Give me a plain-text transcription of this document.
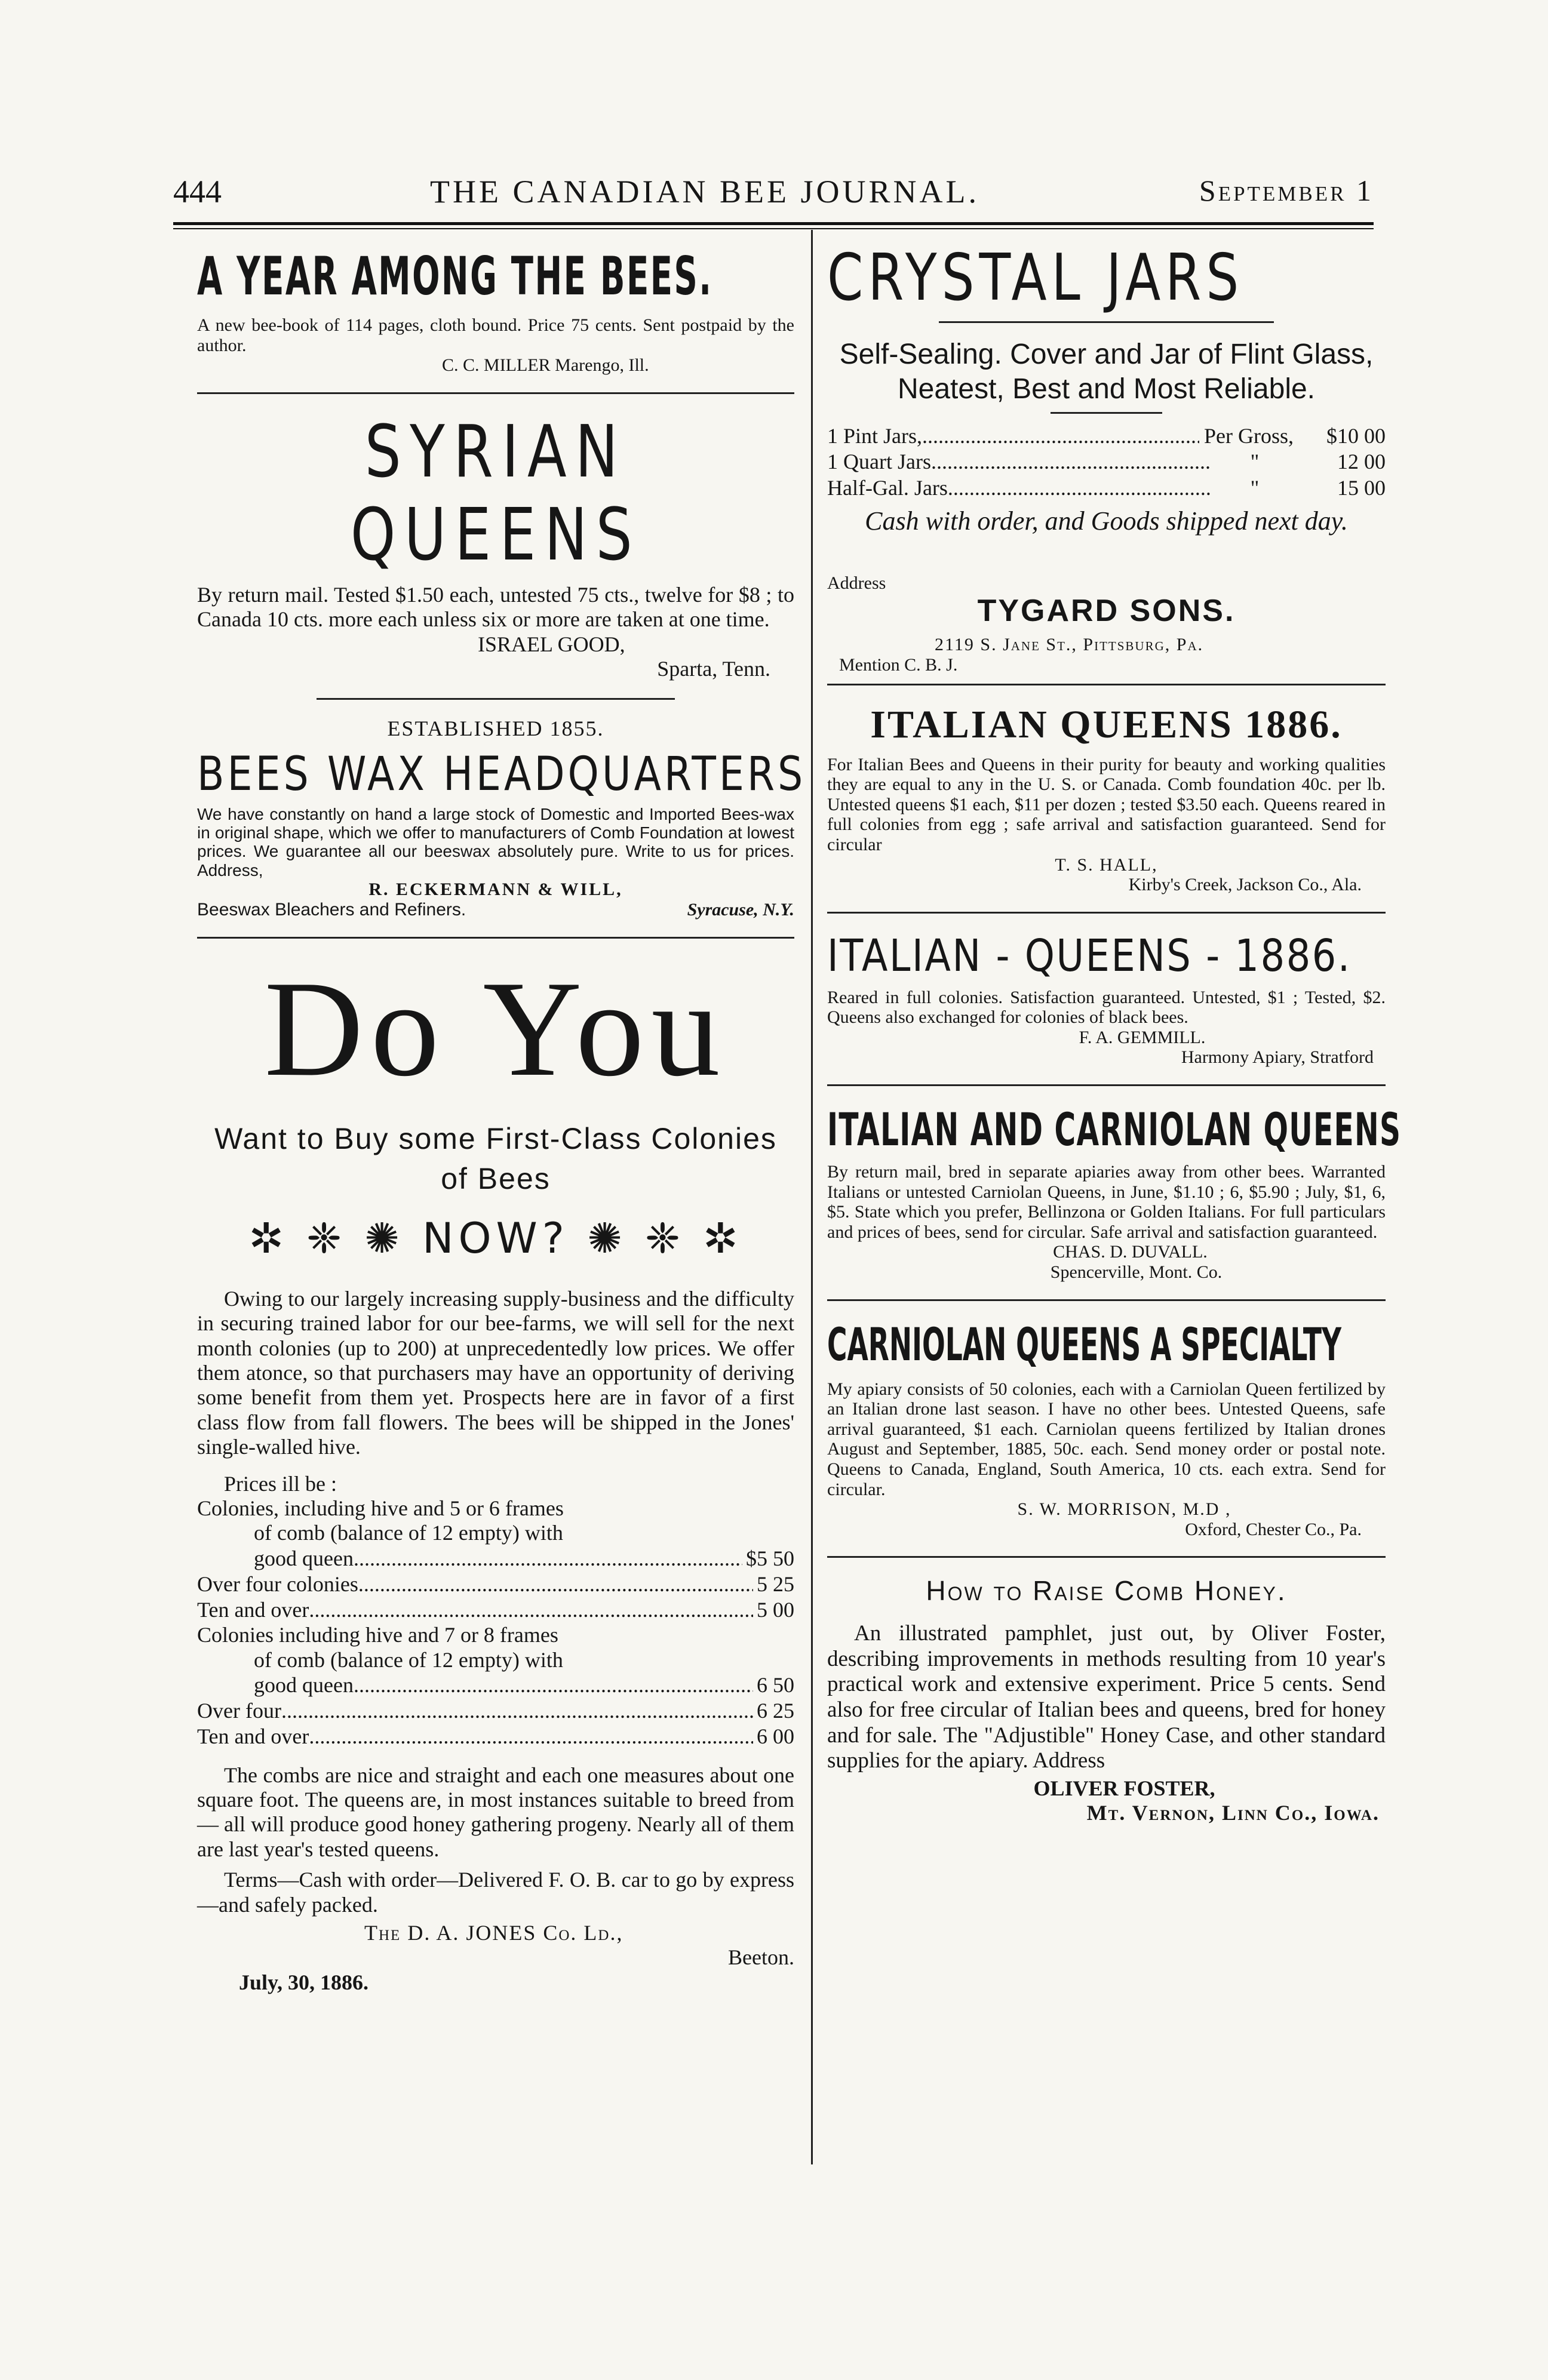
444	THE CANADIAN BEE JOURNAL.	September 1
A YEAR AMONG THE BEES.
A new bee-book of 114 pages, cloth bound. Price 75 cents. Sent postpaid by the author.
C. C. MILLER Marengo, Ill.
SYRIAN QUEENS
By return mail. Tested $1.50 each, untested 75 cts., twelve for $8 ; to Canada 10 cts. more each unless six or more are taken at one time.
ISRAEL GOOD,
Sparta, Tenn.
ESTABLISHED 1855.
BEES WAX HEADQUARTERS
We have constantly on hand a large stock of Domestic and Imported Bees-wax in original shape, which we offer to manufacturers of Comb Foundation at lowest prices. We guarantee all our beeswax absolutely pure. Write to us for prices. Address,
R. ECKERMANN & WILL,
Beeswax Bleachers and Refiners.	Syracuse, N.Y.
Do You
Want to Buy some First-Class Colonies of Bees
✲ ❈ ✺ NOW? ✺ ❈ ✲
Owing to our largely increasing supply-business and the difficulty in securing trained labor for our bee-farms, we will sell for the next month colonies (up to 200) at unprecedentedly low prices. We offer them atonce, so that purchasers may have an opportunity of deriving some benefit from them yet. Prospects here are in favor of a first class flow from fall flowers. The bees will be shipped in the Jones' single-walled hive.
Prices ill be :
Colonies, including hive and 5 or 6 frames
of comb (balance of 12 empty) with
good queen .....	$5 50
Over four colonies .....	5 25
Ten and over .....	5 00
Colonies including hive and 7 or 8 frames
of comb (balance of 12 empty) with
good queen .....	6 50
Over four .....	6 25
Ten and over .....	6 00
The combs are nice and straight and each one measures about one square foot. The queens are, in most instances suitable to breed from— all will produce good honey gathering progeny. Nearly all of them are last year's tested queens.
Terms—Cash with order—Delivered F. O. B. car to go by express—and safely packed.
The D. A. JONES Co. Ld.,
Beeton.
July, 30, 1886.
CRYSTAL JARS
Self-Sealing. Cover and Jar of Flint Glass, Neatest, Best and Most Reliable.
1 Pint Jars, .....	Per Gross,	$10 00
1 Quart Jars .....	"	12 00
Half-Gal. Jars .....	"	15 00
Cash with order, and Goods shipped next day.
Address
TYGARD SONS.
2119 S. Jane St., Pittsburg, Pa.
Mention C. B. J.
ITALIAN QUEENS 1886.
For Italian Bees and Queens in their purity for beauty and working qualities they are equal to any in the U. S. or Canada. Comb foundation 40c. per lb. Untested queens $1 each, $11 per dozen ; tested $3.50 each. Queens reared in full colonies from egg ; safe arrival and satisfaction guaranteed. Send for circular
T. S. HALL,
Kirby's Creek, Jackson Co., Ala.
ITALIAN - QUEENS - 1886.
Reared in full colonies. Satisfaction guaranteed. Untested, $1 ; Tested, $2. Queens also exchanged for colonies of black bees.
F. A. GEMMILL.
Harmony Apiary, Stratford
ITALIAN AND CARNIOLAN QUEENS
By return mail, bred in separate apiaries away from other bees. Warranted Italians or untested Carniolan Queens, in June, $1.10 ; 6, $5.90 ; July, $1, 6, $5. State which you prefer, Bellinzona or Golden Italians. For full particulars and prices of bees, send for circular. Safe arrival and satisfaction guaranteed.
CHAS. D. DUVALL.
Spencerville, Mont. Co.
CARNIOLAN QUEENS A SPECIALTY
My apiary consists of 50 colonies, each with a Carniolan Queen fertilized by an Italian drone last season. I have no other bees. Untested Queens, safe arrival guaranteed, $1 each. Carniolan queens fertilized by Italian drones August and September, 1885, 50c. each. Send money order or postal note. Queens to Canada, England, South America, 10 cts. each extra. Send for circular.
S. W. MORRISON, M.D ,
Oxford, Chester Co., Pa.
How to Raise Comb Honey.
An illustrated pamphlet, just out, by Oliver Foster, describing improvements in methods resulting from 10 year's practical work and extensive experiment. Price 5 cents. Send also for free circular of Italian bees and queens, bred for honey and for sale. The "Adjustible" Honey Case, and other standard supplies for the apiary. Address
OLIVER FOSTER,
Mt. Vernon, Linn Co., Iowa.
